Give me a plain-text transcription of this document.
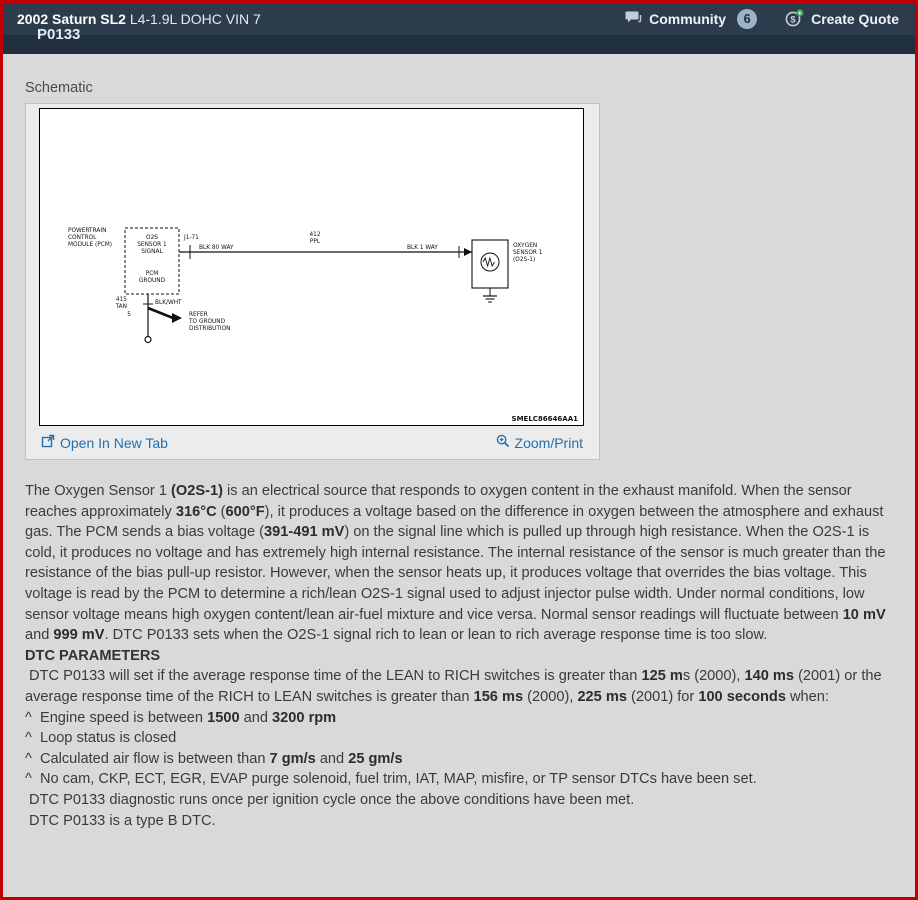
2002 Saturn SL2 L4-1.9L DOHC VIN 7	Community	6	$
+ Create Quote
P0133
Schematic
POWERTRAIN
CONTROL
MODULE (PCM)
O2S
SENSOR 1
SIGNAL
PCM
GROUND
J1-71
BLK 80 WAY
412
PPL
BLK 1 WAY	OXYGEN
SENSOR 1
(O2S-1)
415
TAN
5
BLK/WHT
REFER
TO GROUND
DISTRIBUTION
SMELC86646AA1
Open In New Tab	Zoom/Print

The Oxygen Sensor 1 (O2S-1) is an electrical source that responds to oxygen content in the exhaust manifold. When the sensor reaches approximately 316°C (600°F), it produces a voltage based on the difference in oxygen between the atmosphere and exhaust gas. The PCM sends a bias voltage (391-491 mV) on the signal line which is pulled up through high resistance. When the O2S-1 is cold, it produces no voltage and has extremely high internal resistance. The internal resistance of the sensor is much greater than the resistance of the bias pull-up resistor. However, when the sensor heats up, it produces voltage that overrides the bias voltage. This voltage is read by the PCM to determine a rich/lean O2S-1 signal used to adjust injector pulse width. Under normal conditions, low sensor voltage means high oxygen content/lean air-fuel mixture and vice versa. Normal sensor readings will fluctuate between 10 mV and 999 mV. DTC P0133 sets when the O2S-1 signal rich to lean or lean to rich average response time is too slow.

DTC PARAMETERS

DTC P0133 will set if the average response time of the LEAN to RICH switches is greater than 125 ms (2000), 140 ms (2001) or the average response time of the RICH to LEAN switches is greater than 156 ms (2000), 225 ms (2001) for 100 seconds when:

^  Engine speed is between 1500 and 3200 rpm

^  Loop status is closed

^  Calculated air flow is between than 7 gm/s and 25 gm/s

^  No cam, CKP, ECT, EGR, EVAP purge solenoid, fuel trim, IAT, MAP, misfire, or TP sensor DTCs have been set.

DTC P0133 diagnostic runs once per ignition cycle once the above conditions have been met.

DTC P0133 is a type B DTC.
